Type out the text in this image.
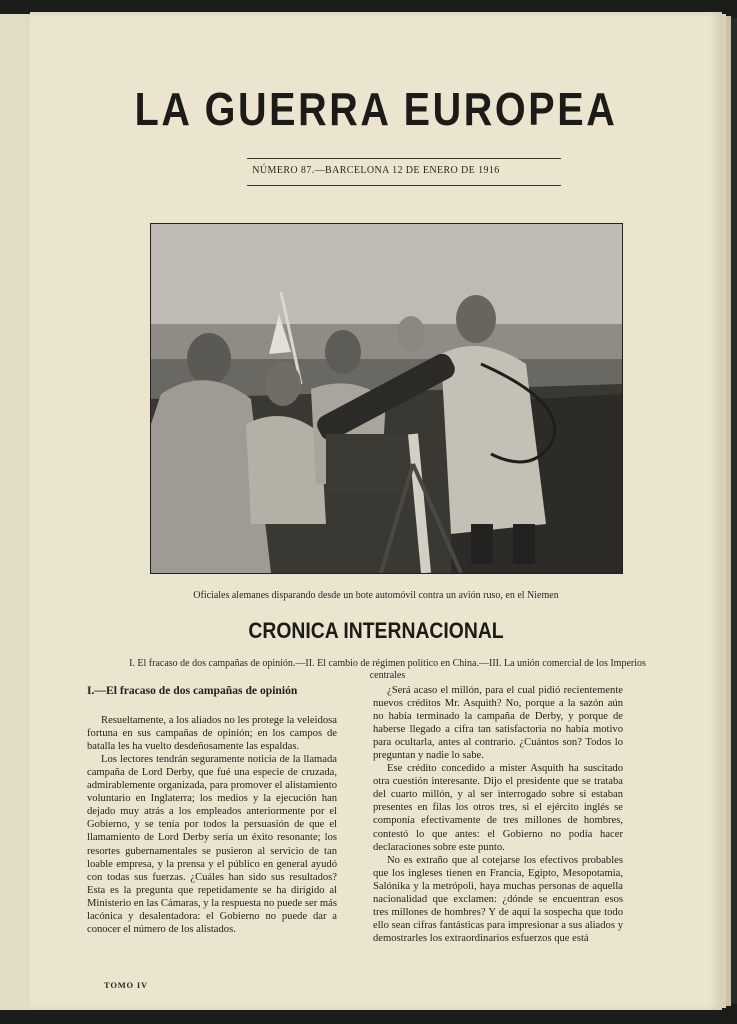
LA GUERRA EUROPEA
NÚMERO 87.—BARCELONA 12 DE ENERO DE 1916
Oficiales alemanes disparando desde un bote automóvil contra un avión ruso, en el Niemen
CRONICA INTERNACIONAL
I. El fracaso de dos campañas de opinión.—II. El cambio de régimen político en China.—III. La unión comercial de los Imperios centrales
I.—El fracaso de dos campañas de opinión

Resueltamente, a los aliados no les protege la veleidosa fortuna en sus campañas de opinión; en los campos de batalla les ha vuelto desdeñosamente las espaldas.

Los lectores tendrán seguramente noticia de la llamada campaña de Lord Derby, que fué una especie de cruzada, admirablemente organizada, para promover el alistamiento voluntario en Inglaterra; los medios y la ejecución han dejado muy atrás a los empleados anteriormente por el Gobierno, y se tenía por todos la persuasión de que el llamamiento de Lord Derby sería un éxito resonante; los resortes gubernamentales se pusieron al servicio de tan loable empresa, y la prensa y el público en general ayudó con todas sus fuerzas. ¿Cuáles han sido sus resultados? Esta es la pregunta que repetidamente se ha dirigido al Ministerio en las Cámaras, y la respuesta no puede ser más lacónica y desalentadora: el Gobierno no puede dar a conocer el número de los alistados.

¿Será acaso el millón, para el cual pidió recientemente nuevos créditos Mr. Asquith? No, porque a la sazón aún no había terminado la campaña de Derby, y porque de haberse llegado a cifra tan satisfactoria no había motivo para ocultarla, antes al contrario. ¿Cuántos son? Todos lo preguntan y nadie lo sabe.

Ese crédito concedido a mister Asquith ha suscitado otra cuestión interesante. Dijo el presidente que se trataba del cuarto millón, y al ser interrogado sobre si estaban presentes en filas los otros tres, si el ejército inglés se componía efectivamente de tres millones de hombres, contestó lo que antes: el Gobierno no podía hacer declaraciones sobre este punto.

No es extraño que al cotejarse los efectivos probables que los ingleses tienen en Francia, Egipto, Mesopotamia, Salónika y la metrópoli, haya muchas personas de aquella nacionalidad que exclamen: ¿dónde se encuentran esos tres millones de hombres? Y de aquí la sospecha que todo ello sean cifras fantásticas para impresionar a sus aliados y demostrarles los extraordinarios esfuerzos que está

TOMO IV
